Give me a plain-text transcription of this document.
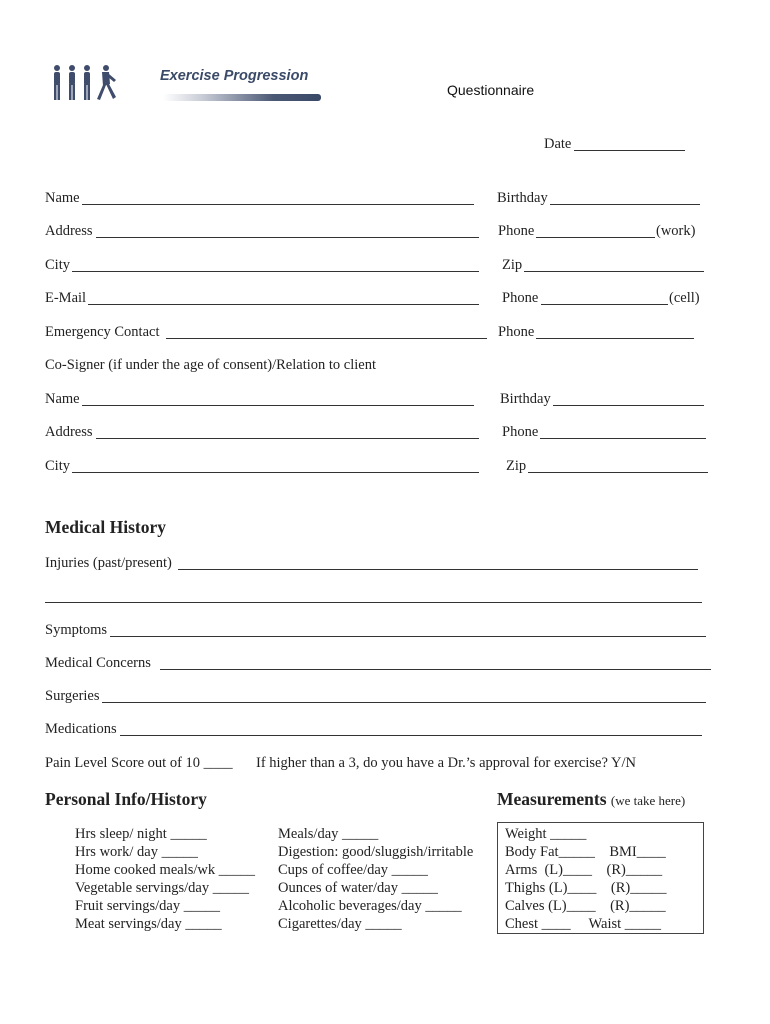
Exercise Progression
Questionnaire
Date
Name	Birthday
Address	Phone	(work)
City	Zip
E-Mail	Phone	(cell)
Emergency Contact	Phone
Co-Signer (if under the age of consent)/Relation to client
Name	Birthday
Address	Phone
City	Zip
Medical History
Injuries (past/present)
Symptoms
Medical Concerns
Surgeries
Medications
Pain Level Score out of 10 ____ If higher than a 3, do you have a Dr.’s approval for exercise? Y/N
Personal Info/History
Hrs sleep/ night _____
Hrs work/ day _____
Home cooked meals/wk _____
Vegetable servings/day _____
Fruit servings/day _____
Meat servings/day _____
Meals/day _____
Digestion: good/sluggish/irritable
Cups of coffee/day _____
Ounces of water/day _____
Alcoholic beverages/day _____
Cigarettes/day _____
Measurements (we take here)
Weight _____
Body Fat_____    BMI____
Arms  (L)____    (R)_____
Thighs (L)____    (R)_____
Calves (L)____    (R)_____
Chest ____     Waist _____
